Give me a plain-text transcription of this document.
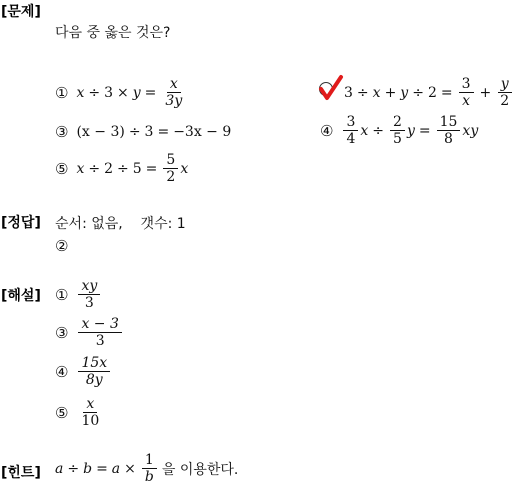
[문제]
다음 중 옳은 것은?
① $x \div 3 \times y = \frac{x}{3y}$	$3 \div x + y \div 2 = \frac{3}{x} + \frac{y}{2}$
③ (x − 3) ÷ 3 = −3x − 9	④ $\frac{3}{4}$ $x \div \frac{2}{5}$ $y = \frac{15}{8}$ xy
⑤ $x \div 2 \div 5 = \frac{5}{2}$ x
[정답] 순서: 없음, 갯수: 1
②
[해설] ① $\frac{xy}{3}$
③ $\frac{x - 3}{3}$
④ $\frac{15x}{8y}$
⑤ $\frac{x}{10}$
[힌트] $a \div b = a \times \frac{1}{b}$ 을 이용한다.
